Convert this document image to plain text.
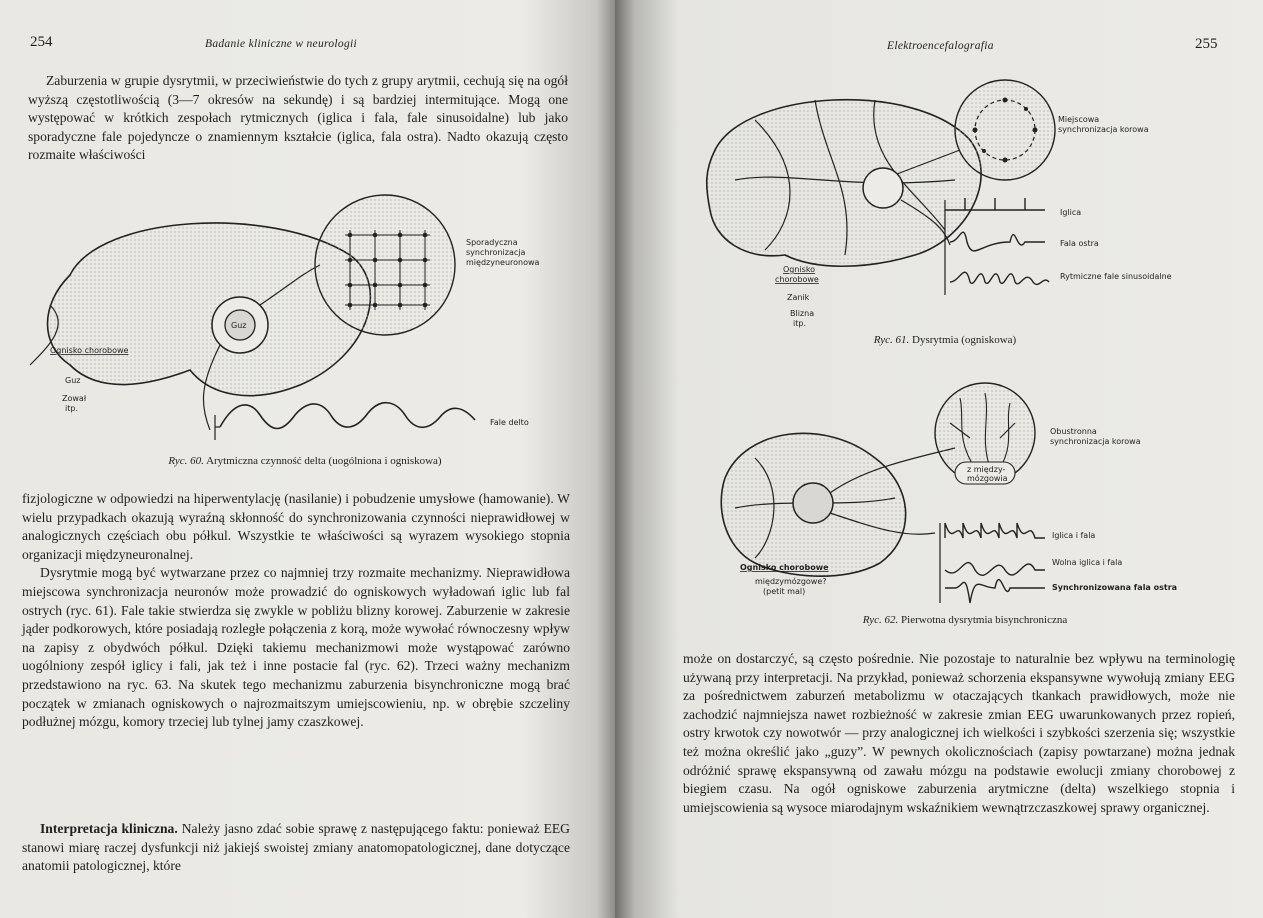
254	Badanie kliniczne w neurologii

Zaburzenia w grupie dysrytmii, w przeciwieństwie do tych z grupy arytmii, cechują się na ogół wyższą częstotliwością (3—7 okresów na sekundę) i są bardziej intermitujące. Mogą one występować w krótkich zespołach rytmicznych (iglica i fala, fale sinusoidalne) lub jako sporadyczne fale pojedyncze o znamiennym kształcie (iglica, fala ostra). Nadto okazują często rozmaite właściwości

Guz
Sporadyczna
synchronizacja
międzyneuronowa
Ognisko chorobowe
Guz
Zował
itp.
Fale delto
Ryc. 60. Arytmiczna czynność delta (uogólniona i ogniskowa)

fizjologiczne w odpowiedzi na hiperwentylację (nasilanie) i pobudzenie umysłowe (hamowanie). W wielu przypadkach okazują wyraźną skłonność do synchronizowania czynności nieprawidłowej w analogicznych częściach obu półkul. Wszystkie te właściwości są wyrazem wysokiego stopnia organizacji międzyneuronalnej.

Dysrytmie mogą być wytwarzane przez co najmniej trzy rozmaite mechanizmy. Nieprawidłowa miejscowa synchronizacja neuronów może prowadzić do ogniskowych wyładowań iglic lub fal ostrych (ryc. 61). Fale takie stwierdza się zwykle w pobliżu blizny korowej. Zaburzenie w zakresie jąder podkorowych, które posiadają rozległe połączenia z korą, może wywołać równoczesny wpływ na zapisy z obydwóch półkul. Dzięki takiemu mechanizmowi może wystąpować zarówno uogólniony zespół iglicy i fali, jak też i inne postacie fal (ryc. 62). Trzeci ważny mechanizm przedstawiono na ryc. 63. Na skutek tego mechanizmu zaburzenia bisynchroniczne mogą brać początek w zmianach ogniskowych o najrozmaitszym umiejscowieniu, np. w obrębie szczeliny podłużnej mózgu, komory trzeciej lub tylnej jamy czaszkowej.

Interpretacja kliniczna. Należy jasno zdać sobie sprawę z następującego faktu: ponieważ EEG stanowi miarę raczej dysfunkcji niż jakiejś swoistej zmiany anatomopatologicznej, dane dotyczące anatomii patologicznej, które

Elektroencefalografia	255
Miejscowa
synchronizacja korowa
Iglica
Fala ostra
Rytmiczne fale sinusoidalne
Ognisko
chorobowe
Zanik
Blizna
itp.
Ryc. 61. Dysrytmia (ogniskowa)
z między-
mózgowia
Obustronna
synchronizacja korowa
Iglica i fala
Wolna iglica i fala
Synchronizowana fala ostra
Ognisko chorobowe
międzymózgowe?
(petit mal)
Ryc. 62. Pierwotna dysrytmia bisynchroniczna

może on dostarczyć, są często pośrednie. Nie pozostaje to naturalnie bez wpływu na terminologię używaną przy interpretacji. Na przykład, ponieważ schorzenia ekspansywne wywołują zmiany EEG za pośrednictwem zaburzeń metabolizmu w otaczających tkankach prawidłowych, może nie zachodzić najmniejsza nawet rozbieżność w zakresie zmian EEG uwarunkowanych przez ropień, ostry krwotok czy nowotwór — przy analogicznej ich wielkości i szybkości szerzenia się; wszystkie też można określić jako „guzy”. W pewnych okolicznościach (zapisy powtarzane) można jednak odróżnić sprawę ekspansywną od zawału mózgu na podstawie ewolucji zmiany chorobowej z biegiem czasu. Na ogół ogniskowe zaburzenia arytmiczne (delta) wszelkiego stopnia i umiejscowienia są wysoce miarodajnym wskaźnikiem wewnątrzczaszkowej sprawy organicznej.
